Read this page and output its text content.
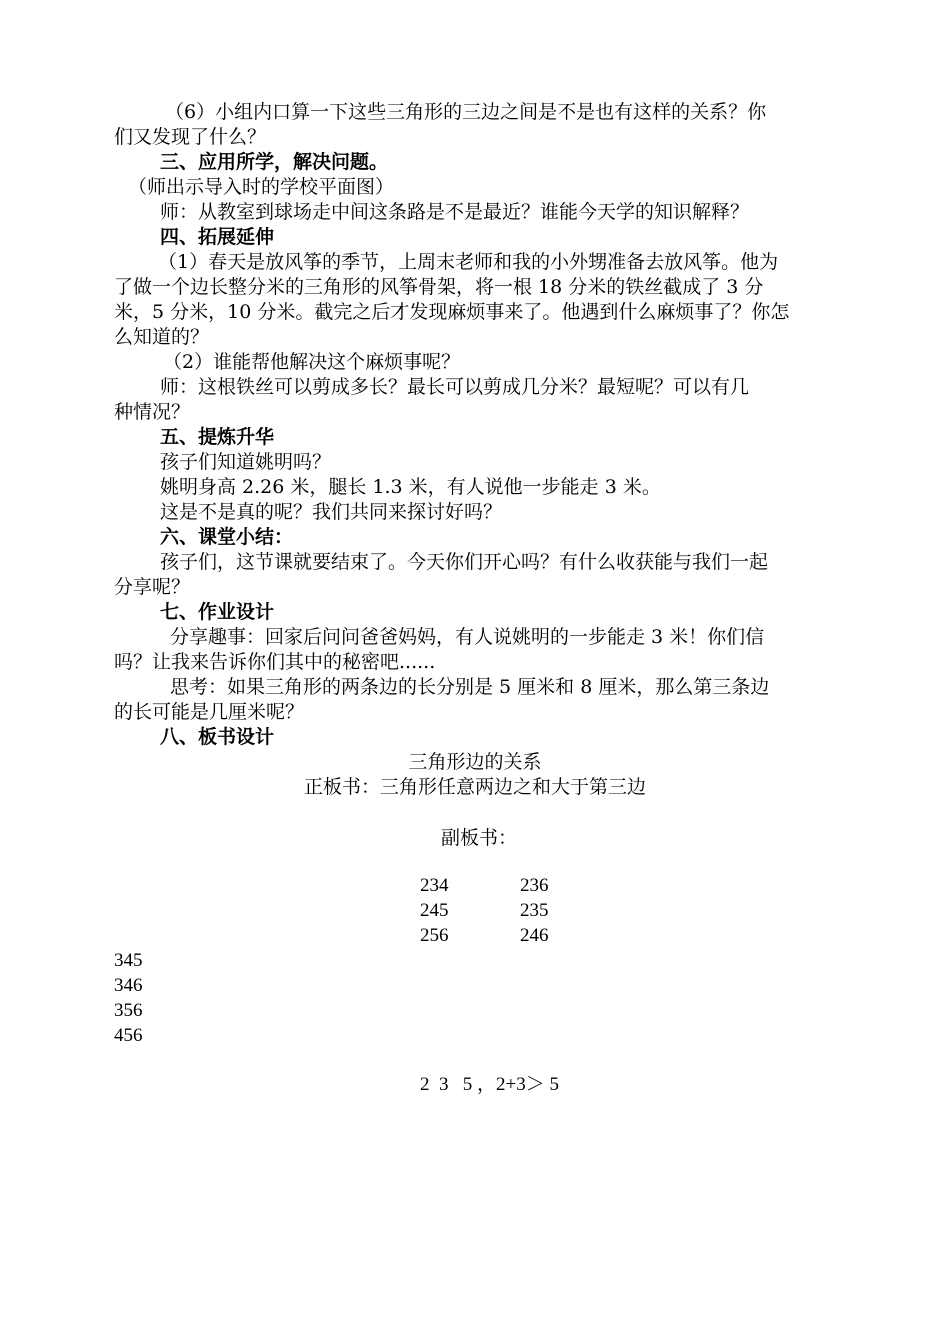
（6）小组内口算一下这些三角形的三边之间是不是也有这样的关系？你
们又发现了什么？
三、应用所学，解决问题。
（师出示导入时的学校平面图）
师：从教室到球场走中间这条路是不是最近？谁能今天学的知识解释？
四、拓展延伸
（1）春天是放风筝的季节，上周末老师和我的小外甥准备去放风筝。他为
了做一个边长整分米的三角形的风筝骨架，将一根 18 分米的铁丝截成了 3 分
米，5 分米，10 分米。截完之后才发现麻烦事来了。他遇到什么麻烦事了？你怎
么知道的？
（2）谁能帮他解决这个麻烦事呢？
师：这根铁丝可以剪成多长？最长可以剪成几分米？最短呢？可以有几
种情况？
五、提炼升华
孩子们知道姚明吗？
姚明身高 2.26 米，腿长 1.3 米，有人说他一步能走 3 米。
这是不是真的呢？我们共同来探讨好吗？
六、课堂小结：
孩子们，这节课就要结束了。今天你们开心吗？有什么收获能与我们一起
分享呢？
七、作业设计
分享趣事：回家后问问爸爸妈妈，有人说姚明的一步能走 3 米！你们信
吗？让我来告诉你们其中的秘密吧......
思考：如果三角形的两条边的长分别是 5 厘米和 8 厘米，那么第三条边
的长可能是几厘米呢？
八、板书设计
三角形边的关系
正板书：三角形任意两边之和大于第三边
副板书：
234
245
256
236
235
246
345
346
356
456
2  3   5 ，2+3＞ 5
